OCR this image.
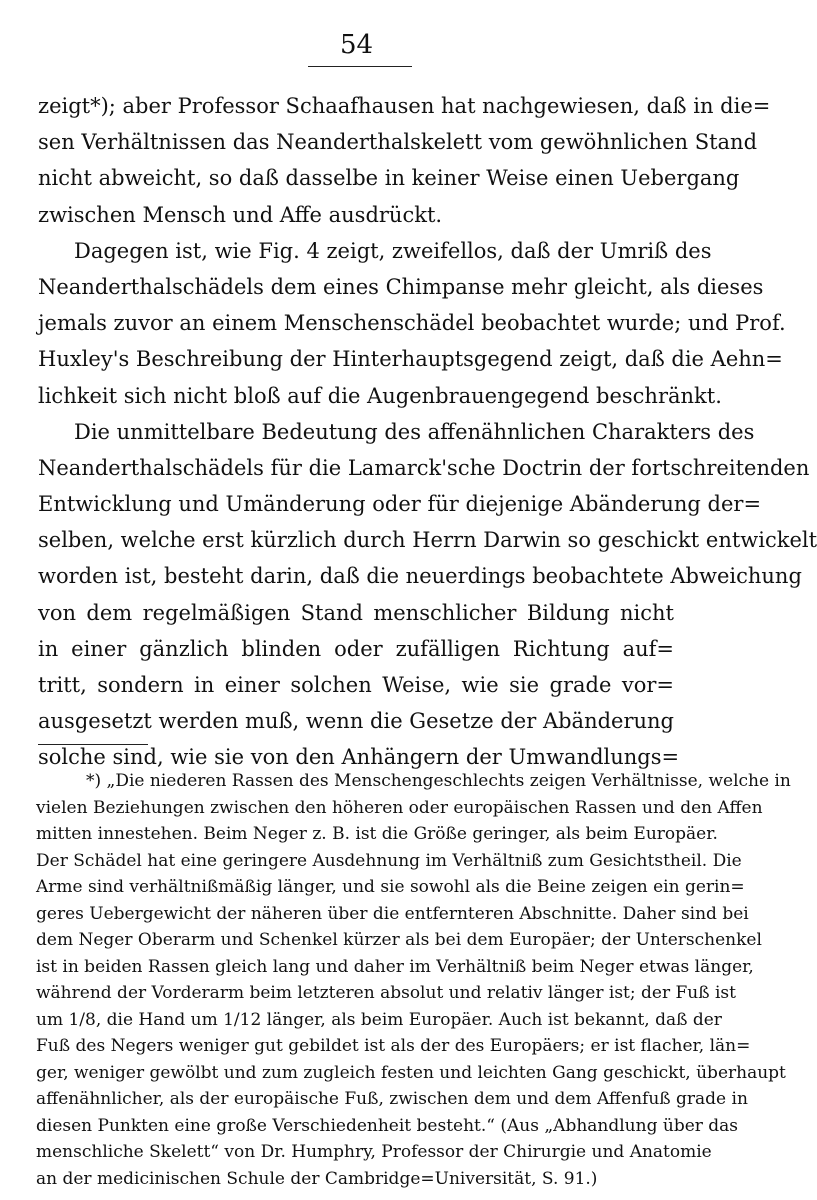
54
zeigt*); aber Professor Schaafhausen hat nachgewiesen, daß in die=
sen Verhältnissen das Neanderthalskelett vom gewöhnlichen Stand
nicht abweicht, so daß dasselbe in keiner Weise einen Uebergang
zwischen Mensch und Affe ausdrückt.
Dagegen ist, wie Fig. 4 zeigt, zweifellos, daß der Umriß des
Neanderthalschädels dem eines Chimpanse mehr gleicht, als dieses
jemals zuvor an einem Menschenschädel beobachtet wurde; und Prof.
Huxley's Beschreibung der Hinterhauptsgegend zeigt, daß die Aehn=
lichkeit sich nicht bloß auf die Augenbrauengegend beschränkt.
Die unmittelbare Bedeutung des affenähnlichen Charakters des
Neanderthalschädels für die Lamarck'sche Doctrin der fortschreitenden
Entwicklung und Umänderung oder für diejenige Abänderung der=
selben, welche erst kürzlich durch Herrn Darwin so geschickt entwickelt
worden ist, besteht darin, daß die neuerdings beobachtete Abweichung
von dem regelmäßigen Stand menschlicher Bildung nicht
in einer gänzlich blinden oder zufälligen Richtung auf=
tritt, sondern in einer solchen Weise, wie sie grade vor=
ausgesetzt werden muß, wenn die Gesetze der Abänderung
solche sind, wie sie von den Anhängern der Umwandlungs=
*) „Die niederen Rassen des Menschengeschlechts zeigen Verhältnisse, welche in
vielen Beziehungen zwischen den höheren oder europäischen Rassen und den Affen
mitten innestehen. Beim Neger z. B. ist die Größe geringer, als beim Europäer.
Der Schädel hat eine geringere Ausdehnung im Verhältniß zum Gesichtstheil. Die
Arme sind verhältnißmäßig länger, und sie sowohl als die Beine zeigen ein gerin=
geres Uebergewicht der näheren über die entfernteren Abschnitte. Daher sind bei
dem Neger Oberarm und Schenkel kürzer als bei dem Europäer; der Unterschenkel
ist in beiden Rassen gleich lang und daher im Verhältniß beim Neger etwas länger,
während der Vorderarm beim letzteren absolut und relativ länger ist; der Fuß ist
um 1/8, die Hand um 1/12 länger, als beim Europäer. Auch ist bekannt, daß der
Fuß des Negers weniger gut gebildet ist als der des Europäers; er ist flacher, län=
ger, weniger gewölbt und zum zugleich festen und leichten Gang geschickt, überhaupt
affenähnlicher, als der europäische Fuß, zwischen dem und dem Affenfuß grade in
diesen Punkten eine große Verschiedenheit besteht.“ (Aus „Abhandlung über das
menschliche Skelett“ von Dr. Humphry, Professor der Chirurgie und Anatomie
an der medicinischen Schule der Cambridge=Universität, S. 91.)
